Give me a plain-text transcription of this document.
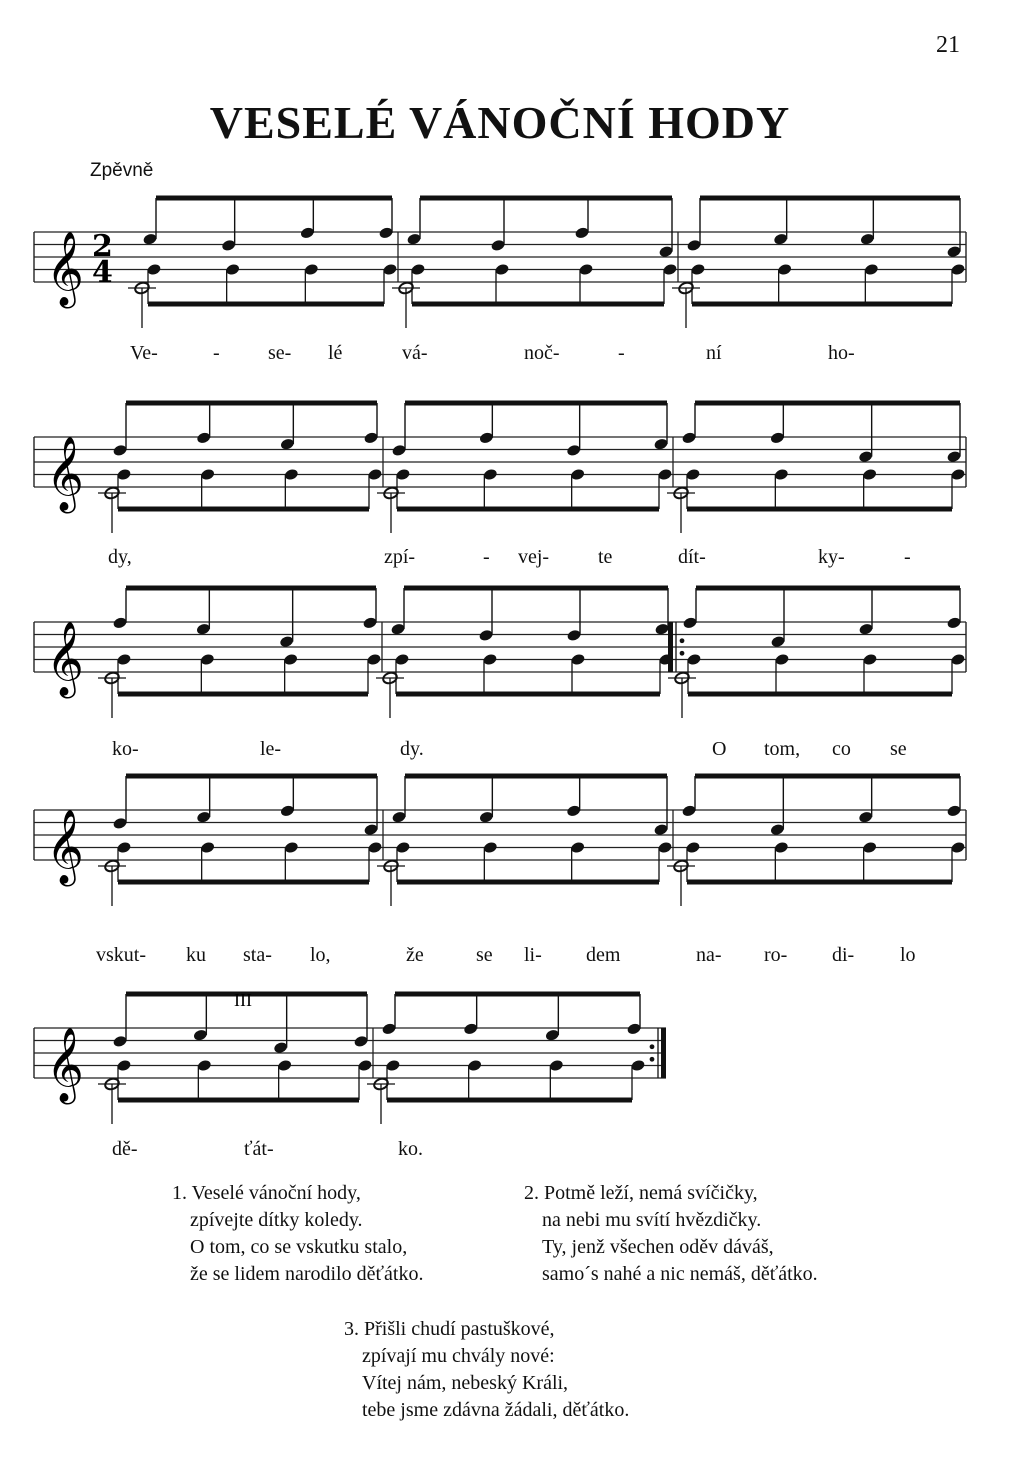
21
VESELÉ VÁNOČNÍ HODY
Zpěvně
𝄞 2
4
𝄞
𝄞
𝄞
𝄞
III
Ve-	- se- lé	vá-	noč-	-	ní	ho-
dy,	zpí-	- vej- te	dít-	ky-	-
ko-	le-	dy.	O tom, co se
vskut- ku sta- lo,	že	se li- dem	na- ro- di- lo
dě-	ťát-	ko.
1. Veselé vánoční hody,
zpívejte dítky koledy.
O tom, co se vskutku stalo,
že se lidem narodilo děťátko.
2. Potmě leží, nemá svíčičky,
na nebi mu svítí hvězdičky.
Ty, jenž všechen oděv dáváš,
samo´s nahé a nic nemáš, děťátko.
3. Přišli chudí pastuškové,
zpívají mu chvály nové:
Vítej nám, nebeský Králi,
tebe jsme zdávna žádali, děťátko.
